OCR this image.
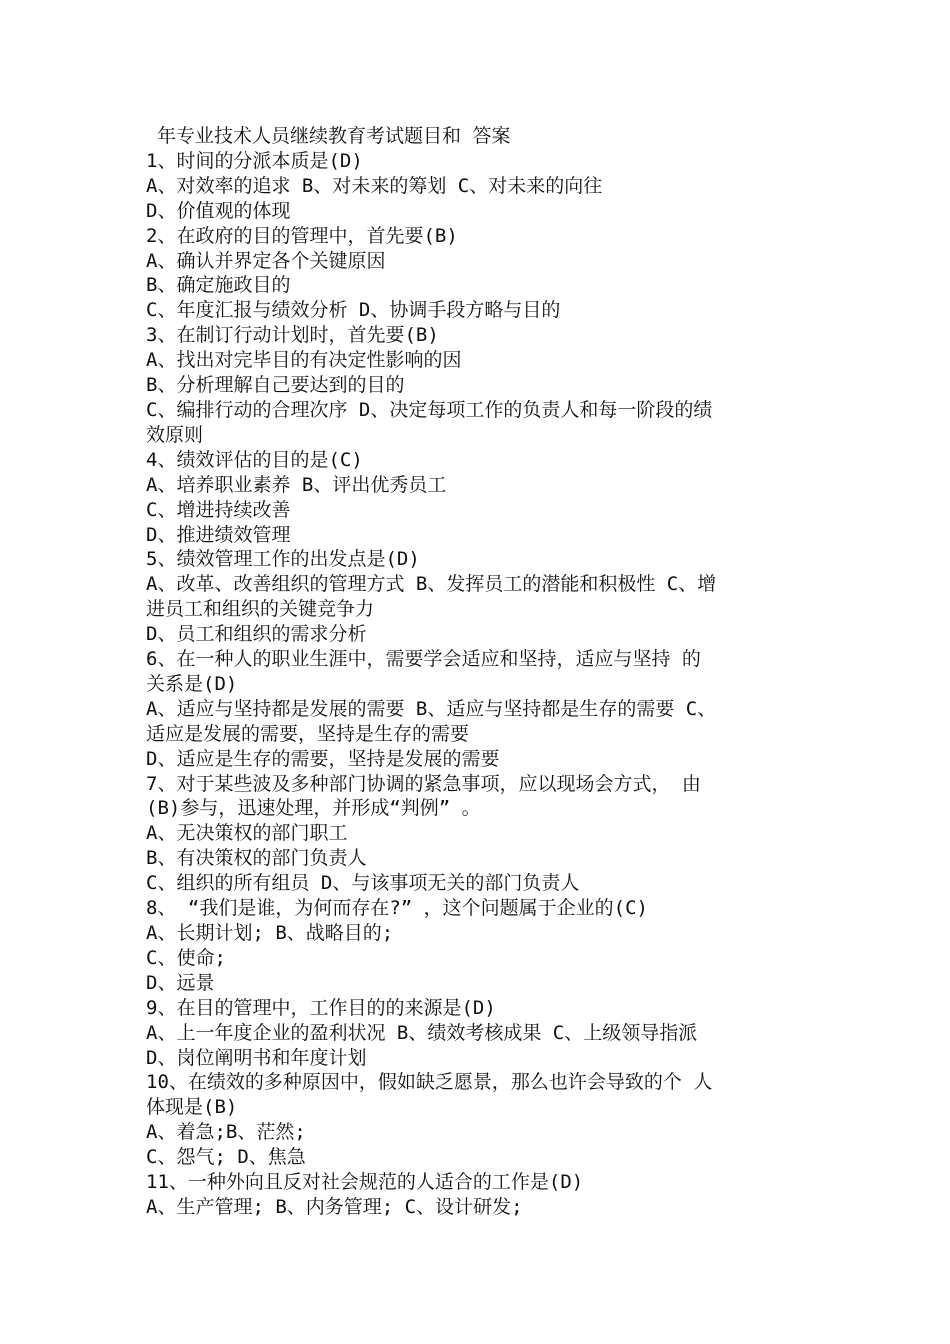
年专业技术人员继续教育考试题目和 答案
1、时间的分派本质是(D)
A、对效率的追求 B、对未来的筹划 C、对未来的向往
D、价值观的体现
2、在政府的目的管理中，首先要(B)
A、确认并界定各个关键原因
B、确定施政目的
C、年度汇报与绩效分析 D、协调手段方略与目的
3、在制订行动计划时，首先要(B)
A、找出对完毕目的有决定性影响的因
B、分析理解自己要达到的目的
C、编排行动的合理次序 D、决定每项工作的负责人和每一阶段的绩
效原则
4、绩效评估的目的是(C)
A、培养职业素养 B、评出优秀员工
C、增进持续改善
D、推进绩效管理
5、绩效管理工作的出发点是(D)
A、改革、改善组织的管理方式 B、发挥员工的潜能和积极性 C、增
进员工和组织的关键竞争力
D、员工和组织的需求分析
6、在一种人的职业生涯中，需要学会适应和坚持，适应与坚持 的
关系是(D)
A、适应与坚持都是发展的需要 B、适应与坚持都是生存的需要 C、
适应是发展的需要，坚持是生存的需要
D、适应是生存的需要，坚持是发展的需要
7、对于某些波及多种部门协调的紧急事项，应以现场会方式， 由
(B)参与，迅速处理，并形成“判例” 。
A、无决策权的部门职工
B、有决策权的部门负责人
C、组织的所有组员 D、与该事项无关的部门负责人
8、 “我们是谁，为何而存在?” ，这个问题属于企业的(C)
A、长期计划; B、战略目的;
C、使命;
D、远景
9、在目的管理中，工作目的的来源是(D)
A、上一年度企业的盈利状况 B、绩效考核成果 C、上级领导指派
D、岗位阐明书和年度计划
10、在绩效的多种原因中，假如缺乏愿景，那么也许会导致的个 人
体现是(B)
A、着急;B、茫然;
C、怨气; D、焦急
11、一种外向且反对社会规范的人适合的工作是(D)
A、生产管理; B、内务管理; C、设计研发;
